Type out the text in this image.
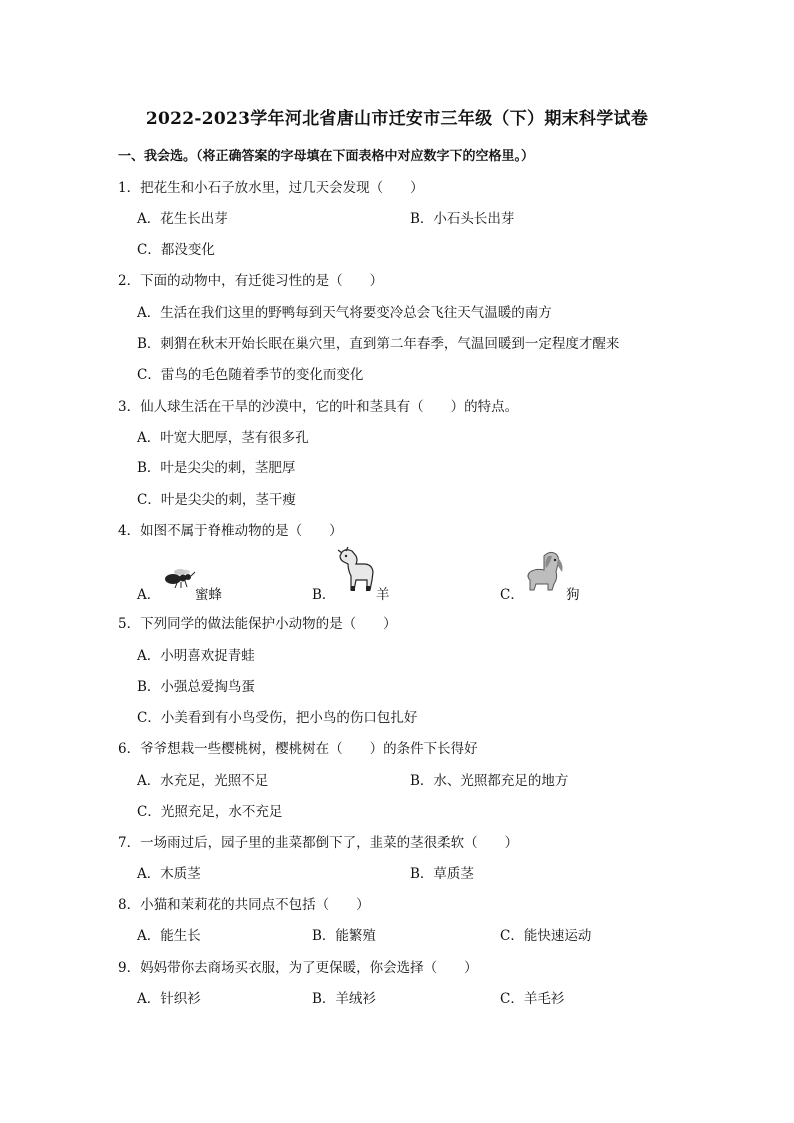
2022-2023学年河北省唐山市迁安市三年级（下）期末科学试卷
一、我会选。（将正确答案的字母填在下面表格中对应数字下的空格里。）
1．把花生和小石子放水里，过几天会发现（　　）
A．花生长出芽	B．小石头长出芽
C．都没变化
2．下面的动物中，有迁徙习性的是（　　）
A．生活在我们这里的野鸭每到天气将要变冷总会飞往天气温暖的南方
B．刺猬在秋末开始长眠在巢穴里，直到第二年春季，气温回暖到一定程度才醒来
C．雷鸟的毛色随着季节的变化而变化
3．仙人球生活在干旱的沙漠中，它的叶和茎具有（　　）的特点。
A．叶宽大肥厚，茎有很多孔
B．叶是尖尖的刺，茎肥厚
C．叶是尖尖的刺，茎干瘦
4．如图不属于脊椎动物的是（　　）
A．	蜜蜂	B．	羊	C．	狗
5．下列同学的做法能保护小动物的是（　　）
A．小明喜欢捉青蛙
B．小强总爱掏鸟蛋
C．小美看到有小鸟受伤，把小鸟的伤口包扎好
6．爷爷想栽一些樱桃树，樱桃树在（　　）的条件下长得好
A．水充足，光照不足	B．水、光照都充足的地方
C．光照充足，水不充足
7．一场雨过后，园子里的韭菜都倒下了，韭菜的茎很柔软（　　）
A．木质茎	B．草质茎
8．小猫和茉莉花的共同点不包括（　　）
A．能生长	B．能繁殖	C．能快速运动
9．妈妈带你去商场买衣服，为了更保暖，你会选择（　　）
A．针织衫	B．羊绒衫	C．羊毛衫
